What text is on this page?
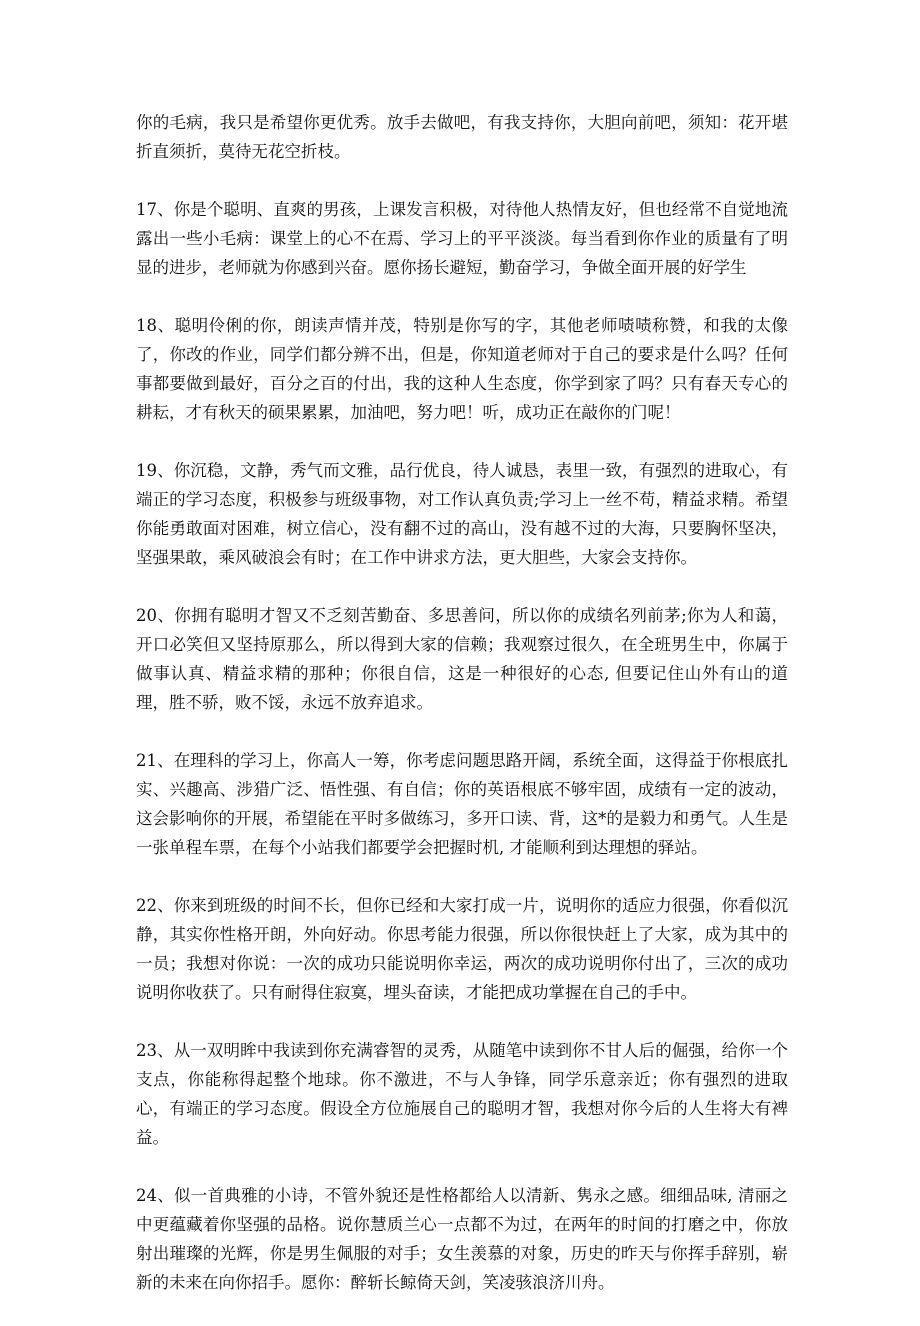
你的毛病，我只是希望你更优秀。放手去做吧，有我支持你，大胆向前吧，须知：花开堪折直须折，莫待无花空折枝。

17、你是个聪明、直爽的男孩，上课发言积极，对待他人热情友好，但也经常不自觉地流露出一些小毛病：课堂上的心不在焉、学习上的平平淡淡。每当看到你作业的质量有了明显的进步，老师就为你感到兴奋。愿你扬长避短，勤奋学习，争做全面开展的好学生

18、聪明伶俐的你，朗读声情并茂，特别是你写的字，其他老师啧啧称赞，和我的太像了，你改的作业，同学们都分辨不出，但是，你知道老师对于自己的要求是什么吗？任何事都要做到最好，百分之百的付出，我的这种人生态度，你学到家了吗？只有春天专心的耕耘，才有秋天的硕果累累，加油吧，努力吧！听，成功正在敲你的门呢！

19、你沉稳，文静，秀气而文雅，品行优良，待人诚恳，表里一致，有强烈的进取心，有端正的学习态度，积极参与班级事物，对工作认真负责;学习上一丝不苟，精益求精。希望你能勇敢面对困难，树立信心，没有翻不过的高山，没有越不过的大海，只要胸怀坚决，坚强果敢，乘风破浪会有时；在工作中讲求方法，更大胆些，大家会支持你。

20、你拥有聪明才智又不乏刻苦勤奋、多思善问，所以你的成绩名列前茅;你为人和蔼，开口必笑但又坚持原那么，所以得到大家的信赖；我观察过很久，在全班男生中，你属于做事认真、精益求精的那种；你很自信，这是一种很好的心态, 但要记住山外有山的道理，胜不骄，败不馁，永远不放弃追求。

21、在理科的学习上，你高人一筹，你考虑问题思路开阔，系统全面，这得益于你根底扎实、兴趣高、涉猎广泛、悟性强、有自信；你的英语根底不够牢固，成绩有一定的波动，这会影响你的开展，希望能在平时多做练习，多开口读、背，这*的是毅力和勇气。人生是一张单程车票，在每个小站我们都要学会把握时机, 才能顺利到达理想的驿站。

22、你来到班级的时间不长，但你已经和大家打成一片，说明你的适应力很强，你看似沉静，其实你性格开朗，外向好动。你思考能力很强，所以你很快赶上了大家，成为其中的一员；我想对你说：一次的成功只能说明你幸运，两次的成功说明你付出了，三次的成功说明你收获了。只有耐得住寂寞，埋头奋读，才能把成功掌握在自己的手中。

23、从一双明眸中我读到你充满睿智的灵秀，从随笔中读到你不甘人后的倔强，给你一个支点，你能称得起整个地球。你不激进，不与人争锋，同学乐意亲近；你有强烈的进取心，有端正的学习态度。假设全方位施展自己的聪明才智，我想对你今后的人生将大有裨益。

24、似一首典雅的小诗，不管外貌还是性格都给人以清新、隽永之感。细细品味, 清丽之中更蕴藏着你坚强的品格。说你慧质兰心一点都不为过，在两年的时间的打磨之中，你放射出璀璨的光辉，你是男生佩服的对手；女生羡慕的对象，历史的昨天与你挥手辞别，崭新的未来在向你招手。愿你：醉斩长鲸倚天剑，笑凌骇浪济川舟。
